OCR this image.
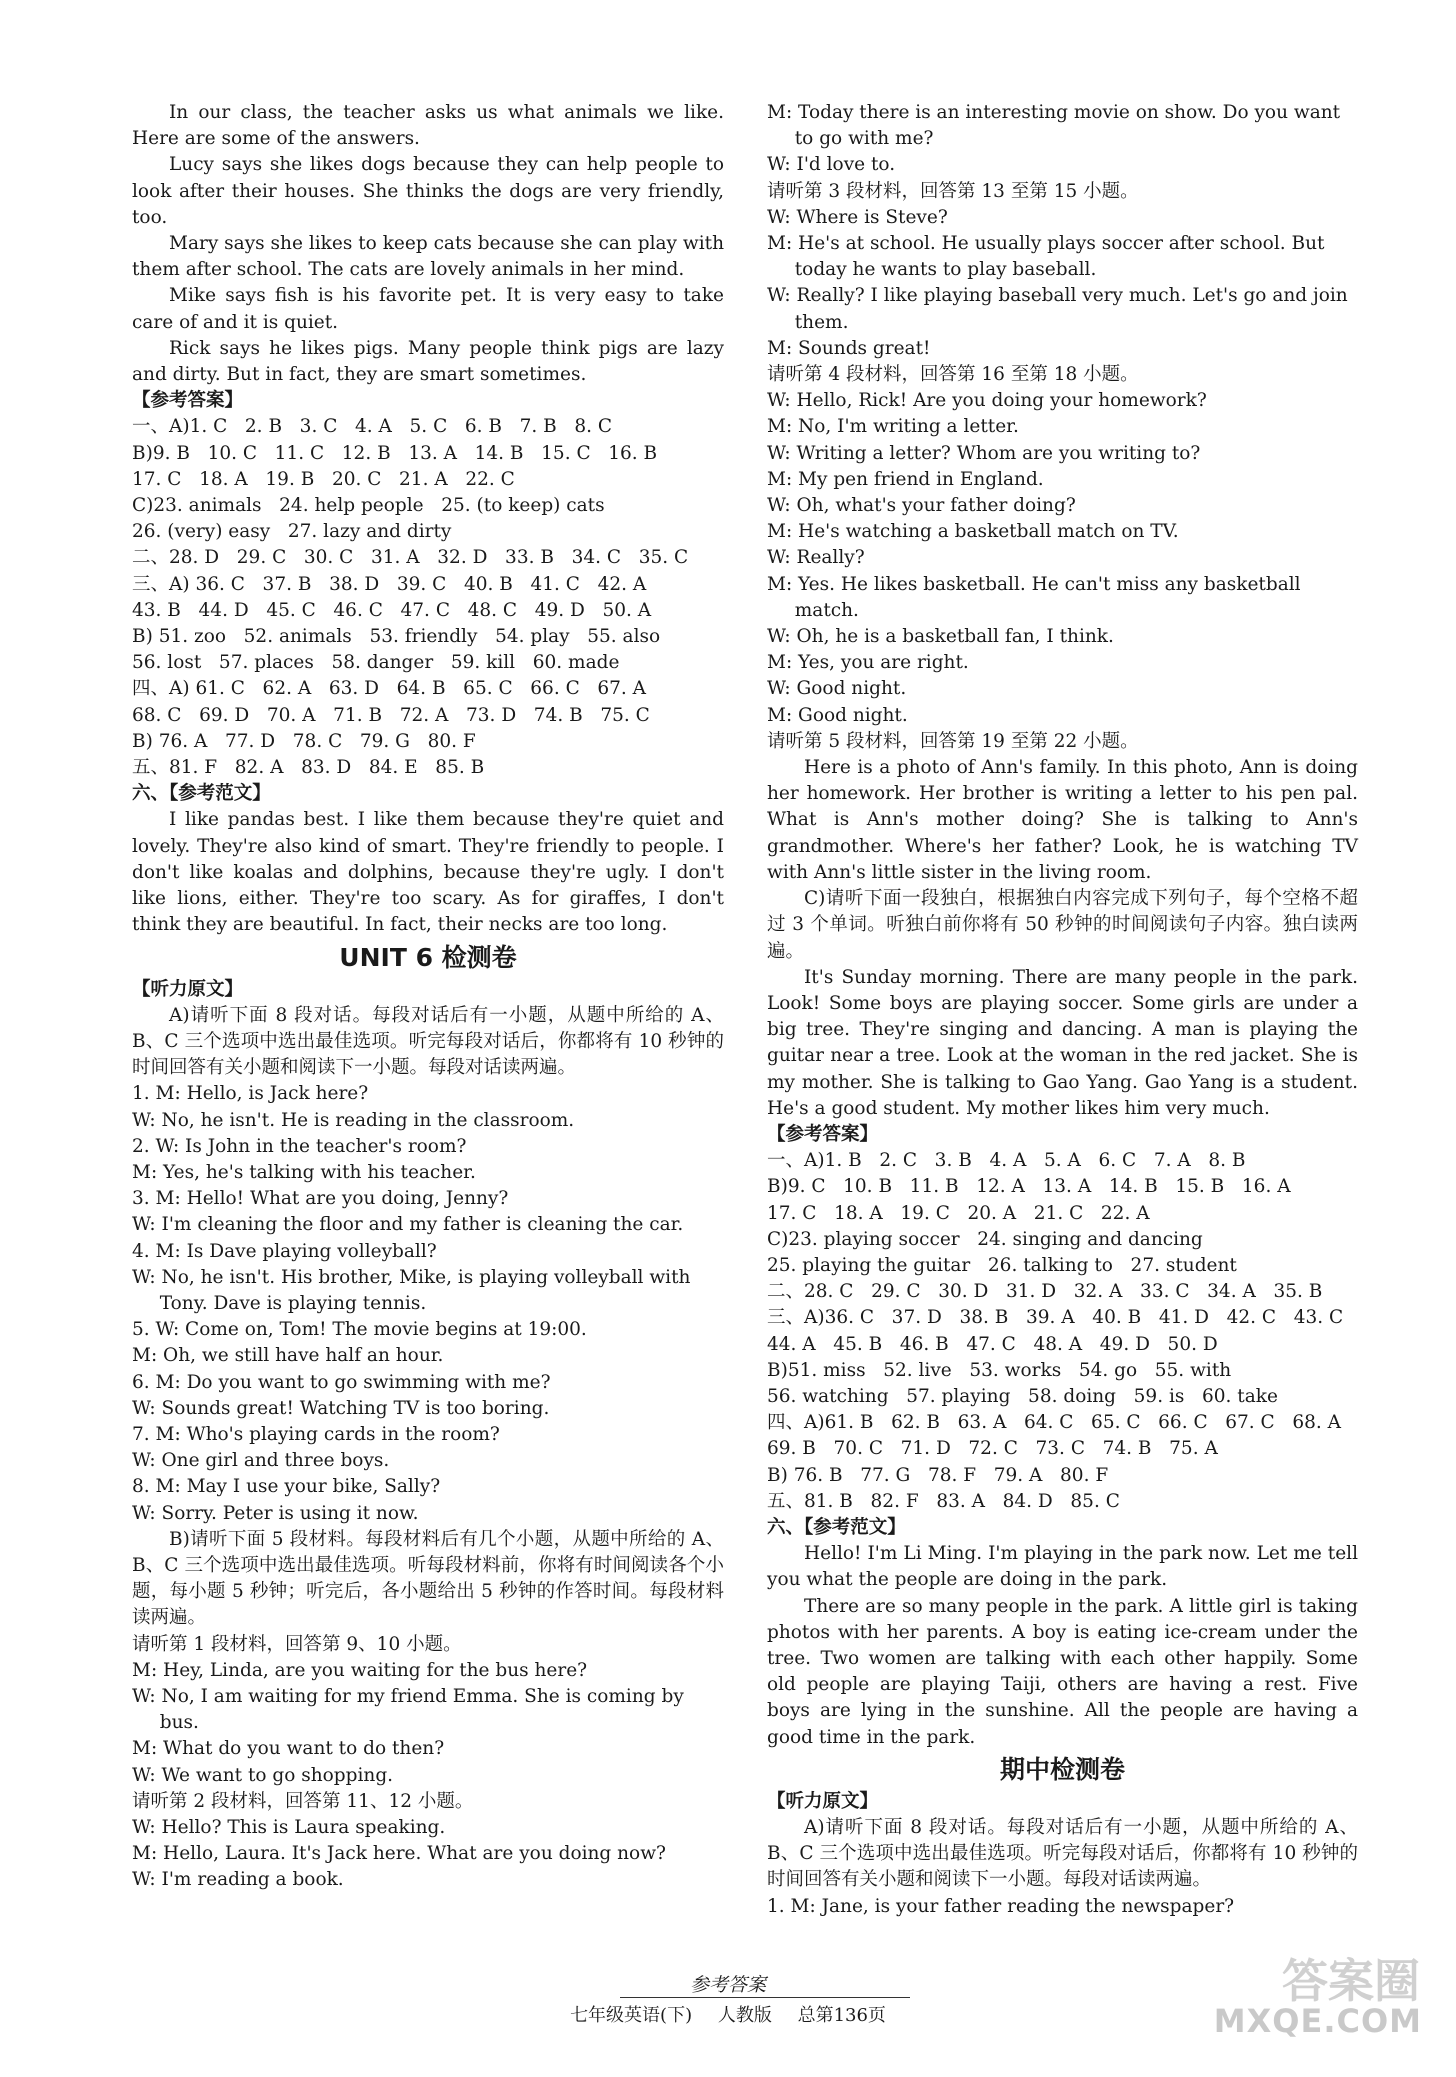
In our class, the teacher asks us what animals we like. Here are some of the answers.

Lucy says she likes dogs because they can help people to look after their houses. She thinks the dogs are very friendly, too.

Mary says she likes to keep cats because she can play with them after school. The cats are lovely animals in her mind.

Mike says fish is his favorite pet. It is very easy to take care of and it is quiet.

Rick says he likes pigs. Many people think pigs are lazy and dirty. But in fact, they are smart sometimes.

【参考答案】

一、A)1. C   2. B   3. C   4. A   5. C   6. B   7. B   8. C

B)9. B   10. C   11. C   12. B   13. A   14. B   15. C   16. B

17. C   18. A   19. B   20. C   21. A   22. C

C)23. animals   24. help people   25. (to keep) cats

26. (very) easy   27. lazy and dirty

二、28. D   29. C   30. C   31. A   32. D   33. B   34. C   35. C

三、A) 36. C   37. B   38. D   39. C   40. B   41. C   42. A

43. B   44. D   45. C   46. C   47. C   48. C   49. D   50. A

B) 51. zoo   52. animals   53. friendly   54. play   55. also

56. lost   57. places   58. danger   59. kill   60. made

四、A) 61. C   62. A   63. D   64. B   65. C   66. C   67. A

68. C   69. D   70. A   71. B   72. A   73. D   74. B   75. C

B) 76. A   77. D   78. C   79. G   80. F

五、81. F   82. A   83. D   84. E   85. B

六、【参考范文】

I like pandas best. I like them because they're quiet and lovely. They're also kind of smart. They're friendly to people. I don't like koalas and dolphins, because they're ugly. I don't like lions, either. They're too scary. As for giraffes, I don't think they are beautiful. In fact, their necks are too long.

UNIT 6 检测卷

【听力原文】

A)请听下面 8 段对话。每段对话后有一小题，从题中所给的 A、B、C 三个选项中选出最佳选项。听完每段对话后，你都将有 10 秒钟的时间回答有关小题和阅读下一小题。每段对话读两遍。

1. M: Hello, is Jack here?

W: No, he isn't. He is reading in the classroom.

2. W: Is John in the teacher's room?

M: Yes, he's talking with his teacher.

3. M: Hello! What are you doing, Jenny?

W: I'm cleaning the floor and my father is cleaning the car.

4. M: Is Dave playing volleyball?

W: No, he isn't. His brother, Mike, is playing volleyball with Tony. Dave is playing tennis.

5. W: Come on, Tom! The movie begins at 19:00.

M: Oh, we still have half an hour.

6. M: Do you want to go swimming with me?

W: Sounds great! Watching TV is too boring.

7. M: Who's playing cards in the room?

W: One girl and three boys.

8. M: May I use your bike, Sally?

W: Sorry. Peter is using it now.

B)请听下面 5 段材料。每段材料后有几个小题，从题中所给的 A、B、C 三个选项中选出最佳选项。听每段材料前，你将有时间阅读各个小题，每小题 5 秒钟；听完后，各小题给出 5 秒钟的作答时间。每段材料读两遍。

请听第 1 段材料，回答第 9、10 小题。

M: Hey, Linda, are you waiting for the bus here?

W: No, I am waiting for my friend Emma. She is coming by bus.

M: What do you want to do then?

W: We want to go shopping.

请听第 2 段材料，回答第 11、12 小题。

W: Hello? This is Laura speaking.

M: Hello, Laura. It's Jack here. What are you doing now?

W: I'm reading a book.

M: Today there is an interesting movie on show. Do you want to go with me?

W: I'd love to.

请听第 3 段材料，回答第 13 至第 15 小题。

W: Where is Steve?

M: He's at school. He usually plays soccer after school. But today he wants to play baseball.

W: Really? I like playing baseball very much. Let's go and join them.

M: Sounds great!

请听第 4 段材料，回答第 16 至第 18 小题。

W: Hello, Rick! Are you doing your homework?

M: No, I'm writing a letter.

W: Writing a letter? Whom are you writing to?

M: My pen friend in England.

W: Oh, what's your father doing?

M: He's watching a basketball match on TV.

W: Really?

M: Yes. He likes basketball. He can't miss any basketball match.

W: Oh, he is a basketball fan, I think.

M: Yes, you are right.

W: Good night.

M: Good night.

请听第 5 段材料，回答第 19 至第 22 小题。

Here is a photo of Ann's family. In this photo, Ann is doing her homework. Her brother is writing a letter to his pen pal. What is Ann's mother doing? She is talking to Ann's grandmother. Where's her father? Look, he is watching TV with Ann's little sister in the living room.

C)请听下面一段独白，根据独白内容完成下列句子，每个空格不超过 3 个单词。听独白前你将有 50 秒钟的时间阅读句子内容。独白读两遍。

It's Sunday morning. There are many people in the park. Look! Some boys are playing soccer. Some girls are under a big tree. They're singing and dancing. A man is playing the guitar near a tree. Look at the woman in the red jacket. She is my mother. She is talking to Gao Yang. Gao Yang is a student. He's a good student. My mother likes him very much.

【参考答案】

一、A)1. B   2. C   3. B   4. A   5. A   6. C   7. A   8. B

B)9. C   10. B   11. B   12. A   13. A   14. B   15. B   16. A

17. C   18. A   19. C   20. A   21. C   22. A

C)23. playing soccer   24. singing and dancing

25. playing the guitar   26. talking to   27. student

二、28. C   29. C   30. D   31. D   32. A   33. C   34. A   35. B

三、A)36. C   37. D   38. B   39. A   40. B   41. D   42. C   43. C

44. A   45. B   46. B   47. C   48. A   49. D   50. D

B)51. miss   52. live   53. works   54. go   55. with

56. watching   57. playing   58. doing   59. is   60. take

四、A)61. B   62. B   63. A   64. C   65. C   66. C   67. C   68. A

69. B   70. C   71. D   72. C   73. C   74. B   75. A

B) 76. B   77. G   78. F   79. A   80. F

五、81. B   82. F   83. A   84. D   85. C

六、【参考范文】

Hello! I'm Li Ming. I'm playing in the park now. Let me tell you what the people are doing in the park.

There are so many people in the park. A little girl is taking photos with her parents. A boy is eating ice-cream under the tree. Two women are talking with each other happily. Some old people are playing Taiji, others are having a rest. Five boys are lying in the sunshine. All the people are having a good time in the park.

期中检测卷

【听力原文】

A)请听下面 8 段对话。每段对话后有一小题，从题中所给的 A、B、C 三个选项中选出最佳选项。听完每段对话后，你都将有 10 秒钟的时间回答有关小题和阅读下一小题。每段对话读两遍。

1. M: Jane, is your father reading the newspaper?

参考答案
七年级英语(下) 人教版 总第136页
答案圈
MXQE.COM
